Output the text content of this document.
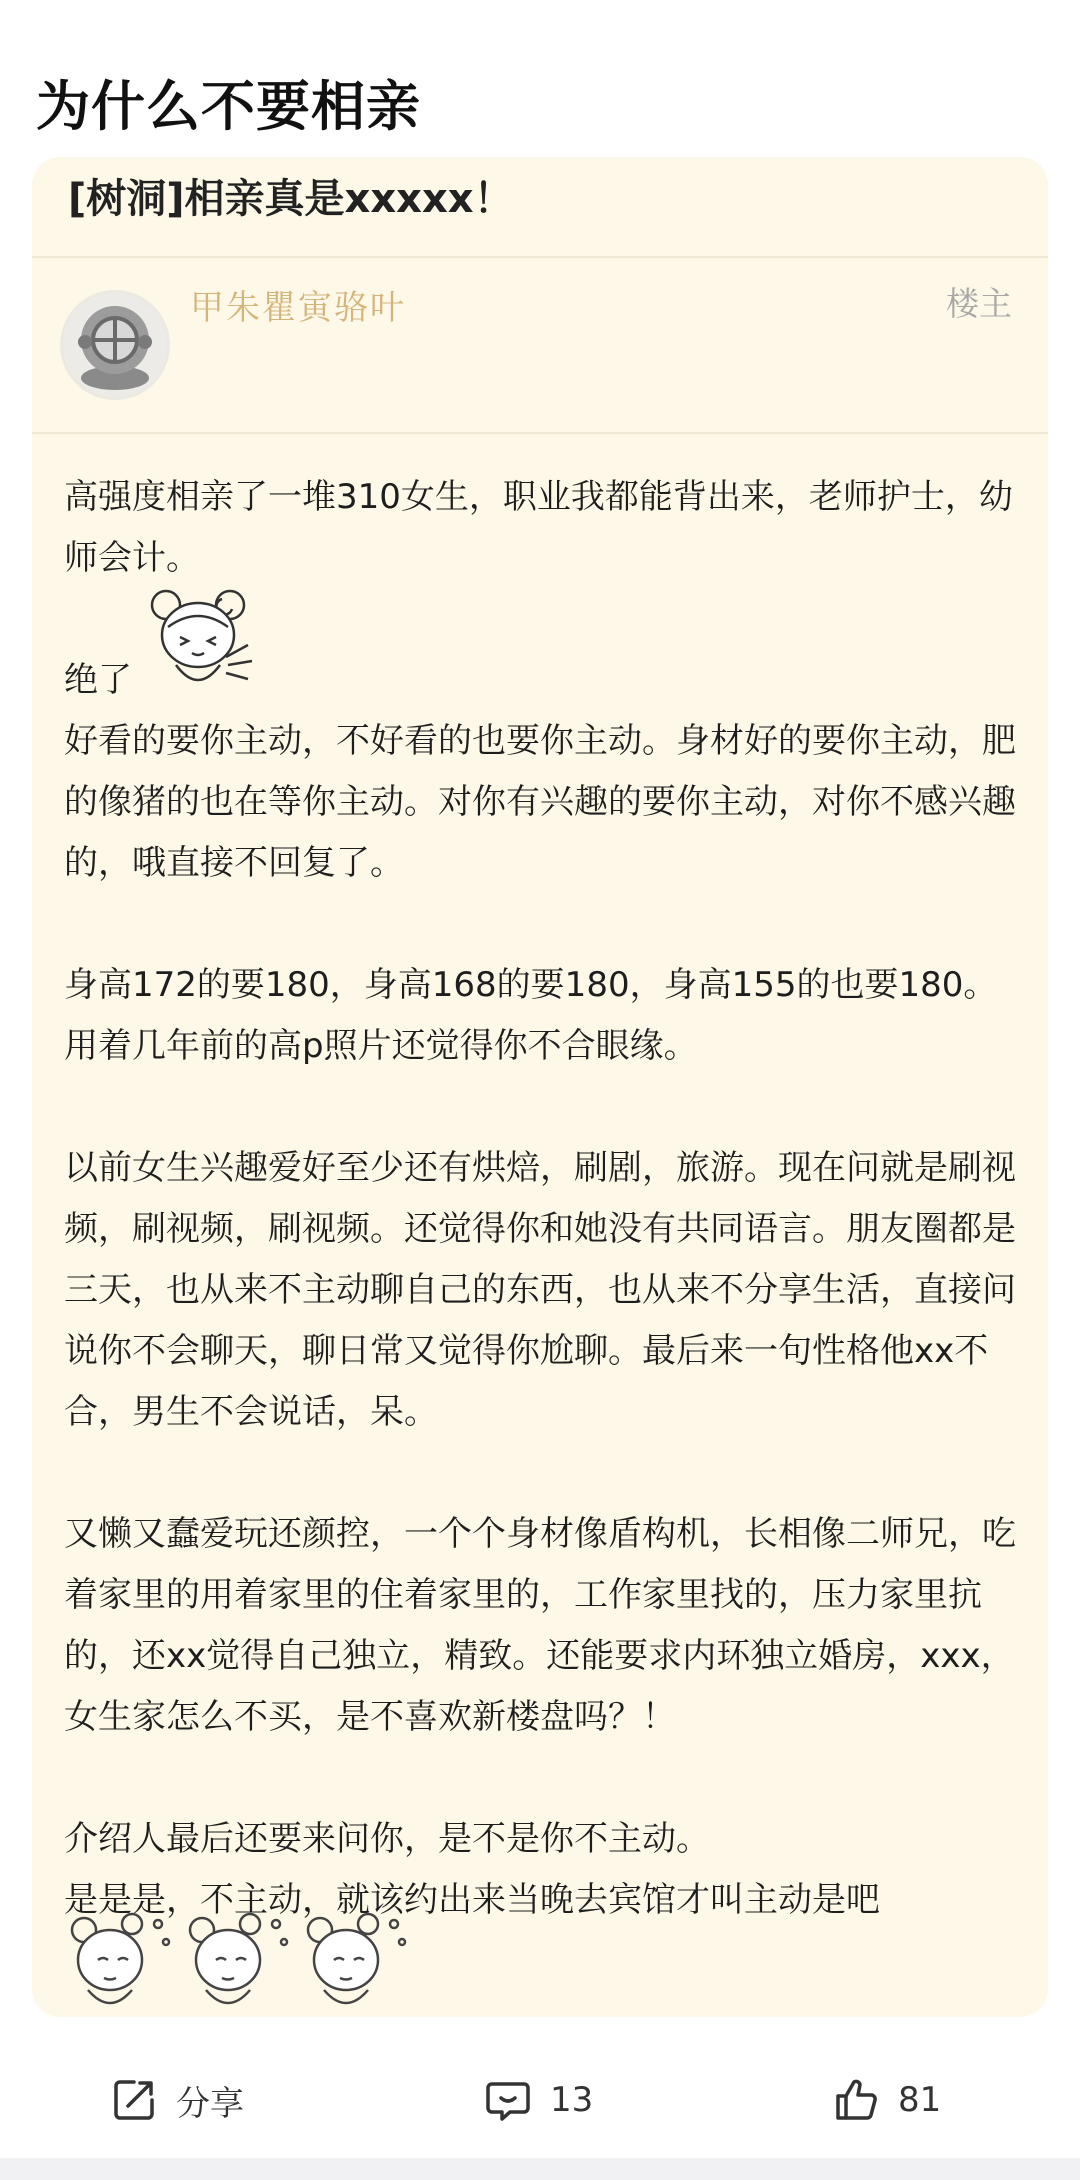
为什么不要相亲
[树洞]相亲真是xxxxx！
甲朱瞿寅骆叶	楼主

高强度相亲了一堆310女生，职业我都能背出来，老师护士，幼师会计。

绝了

好看的要你主动，不好看的也要你主动。身材好的要你主动，肥的像猪的也在等你主动。对你有兴趣的要你主动，对你不感兴趣的，哦直接不回复了。

身高172的要180，身高168的要180，身高155的也要180。用着几年前的高p照片还觉得你不合眼缘。

以前女生兴趣爱好至少还有烘焙，刷剧，旅游。现在问就是刷视频，刷视频，刷视频。还觉得你和她没有共同语言。朋友圈都是三天，也从来不主动聊自己的东西，也从来不分享生活，直接问说你不会聊天，聊日常又觉得你尬聊。最后来一句性格他xx不合，男生不会说话，呆。

又懒又蠢爱玩还颜控，一个个身材像盾构机，长相像二师兄，吃着家里的用着家里的住着家里的，工作家里找的，压力家里抗的，还xx觉得自己独立，精致。还能要求内环独立婚房，xxx，女生家怎么不买，是不喜欢新楼盘吗？！

介绍人最后还要来问你，是不是你不主动。

是是是，不主动，就该约出来当晚去宾馆才叫主动是吧

分享	13	81
